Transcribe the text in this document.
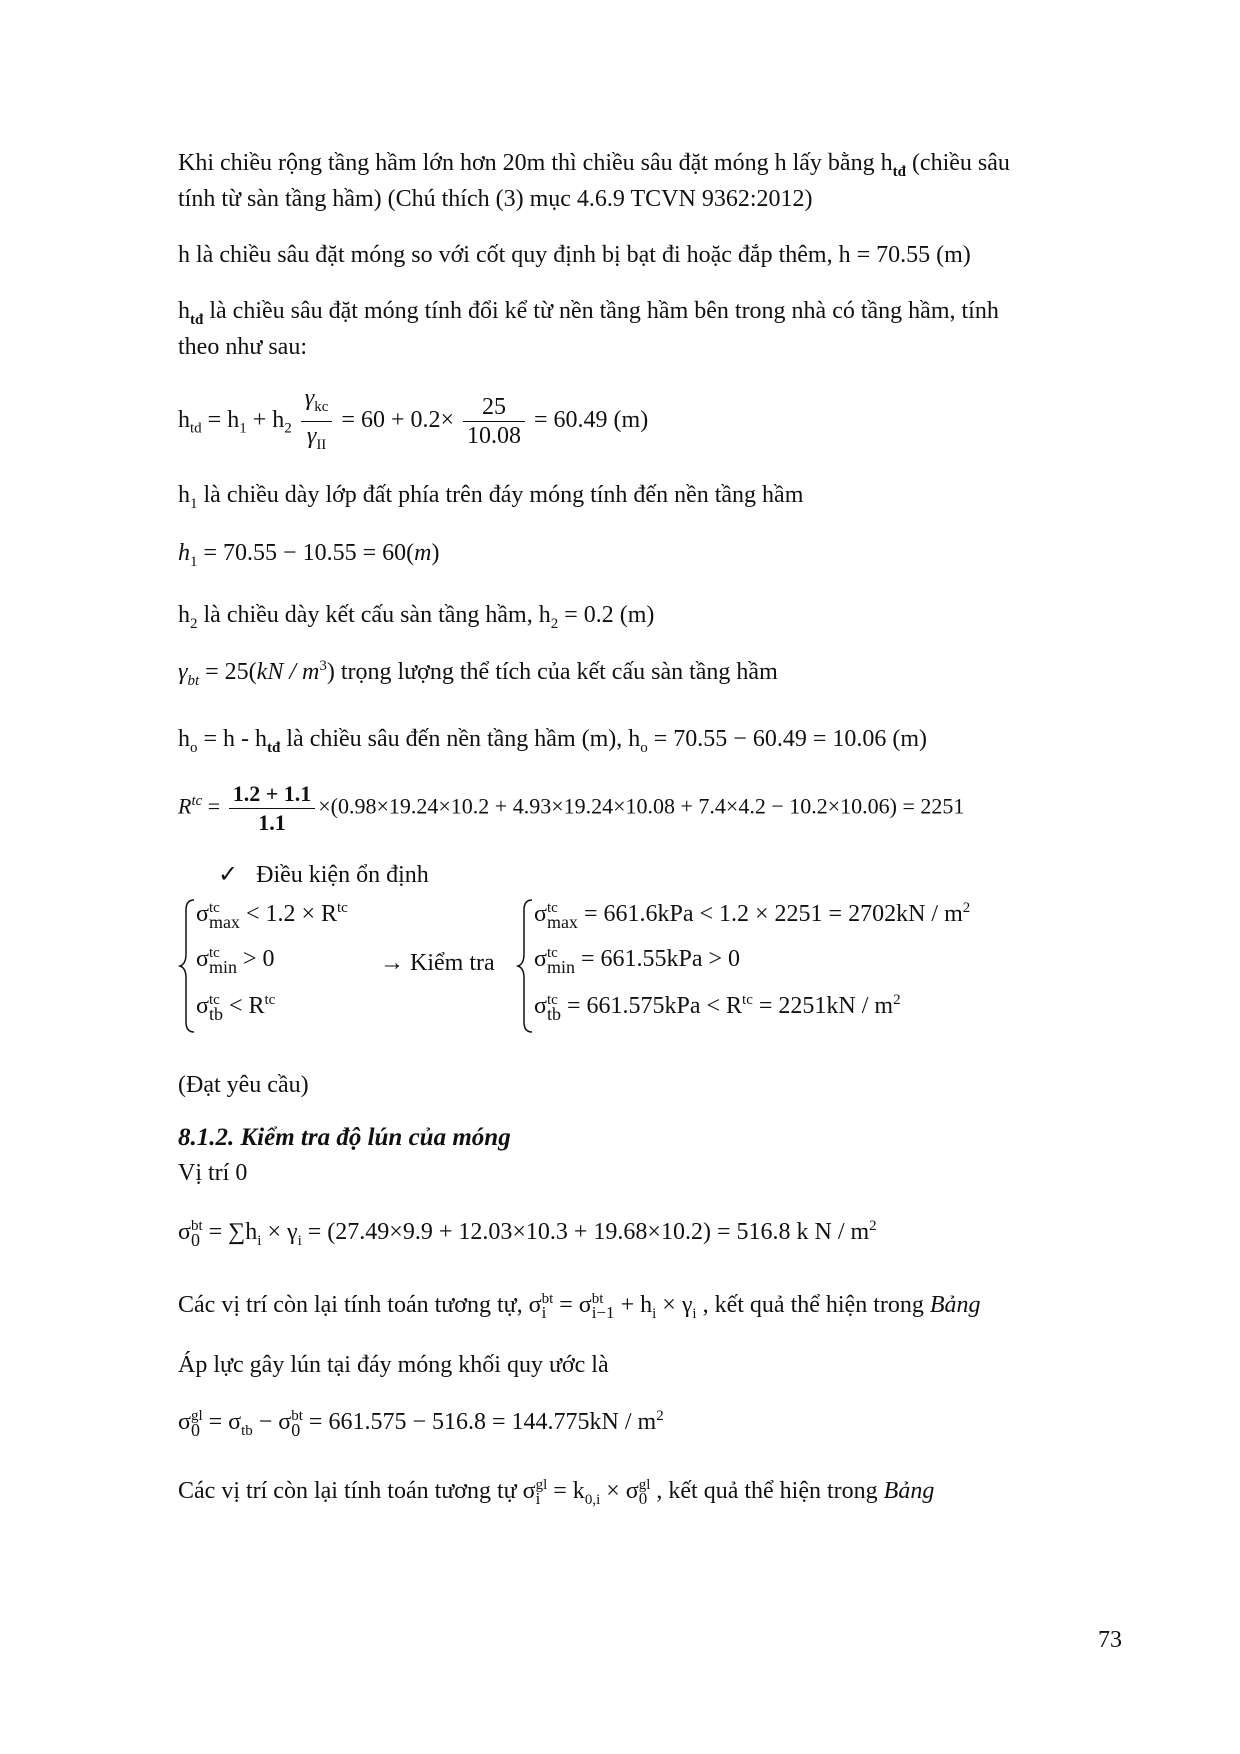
Khi chiều rộng tầng hầm lớn hơn 20m thì chiều sâu đặt móng h lấy bằng $h_{tđ}$ (chiều sâu
tính từ sàn tầng hầm) (Chú thích (3) mục 4.6.9 TCVN 9362:2012)
h là chiều sâu đặt móng so với cốt quy định bị bạt đi hoặc đắp thêm, h = 70.55 (m)
$h_{tđ}$ là chiều sâu đặt móng tính đổi kể từ nền tầng hầm bên trong nhà có tầng hầm, tính
theo như sau:
$h_{td} = h_1 + h_2 \frac{\gamma_{kc}}{\gamma_{II}} = 60 + 0.2\times \frac{25}{10.08} = 60.49$ (m)
$h_1$ là chiều dày lớp đất phía trên đáy móng tính đến nền tầng hầm
$h_1 = 70.55 - 10.55 = 60(m)$
$h_2$ là chiều dày kết cấu sàn tầng hầm, $h_2 = 0.2$ (m)
$\gamma_{bt} = 25(kN / m^3)$ trọng lượng thể tích của kết cấu sàn tầng hầm
$h_o = h - h_{tđ}$ là chiều sâu đến nền tầng hầm (m), $h_o = 70.55 - 60.49 = 10.06$ (m)
$R^{tc} = \frac{1.2 + 1.1}{1.1} \times(0.98\times 19.24\times 10.2 + 4.93\times 19.24\times 10.08 + 7.4\times 4.2 - 10.2\times 10.06) = 2251$
✓ Điều kiện ổn định
σ tc
$\max < 1.2 \times R^{tc}$
σ tc
min > 0
σ tc
tb < $R^{tc}$
→ Kiểm tra
σ tc
$\max = 661.6kPa < 1.2 \times 2251 = 2702kN / m^2$
σ tc
min = 661.55kPa > 0
σ tc
tb = $661.575kPa < R^{tc} = 2251kN / m^2$
(Đạt yêu cầu)
8.1.2. Kiểm tra độ lún của móng
Vị trí 0
σ bt
$0 = \sum h_i \times \gamma_i = (27.49\times 9.9 + 12.03\times 10.3 + 19.68\times 10.2) = 516.8$ k N / $m^2$
Các vị trí còn lại tính toán tương tự, σ bt
i = σ bt
$i-1 + h_i \times \gamma_i$ , kết quả thể hiện trong Bảng
Áp lực gây lún tại đáy móng khối quy ước là
σ gl
$0 = \sigma_{tb} - \sigma$ bt
$0 = 661.575 - 516.8 = 144.775kN / m^2$
Các vị trí còn lại tính toán tương tự σ gl
$i = k_{0,i} \times \sigma$ gl
0 , kết quả thể hiện trong Bảng
73
